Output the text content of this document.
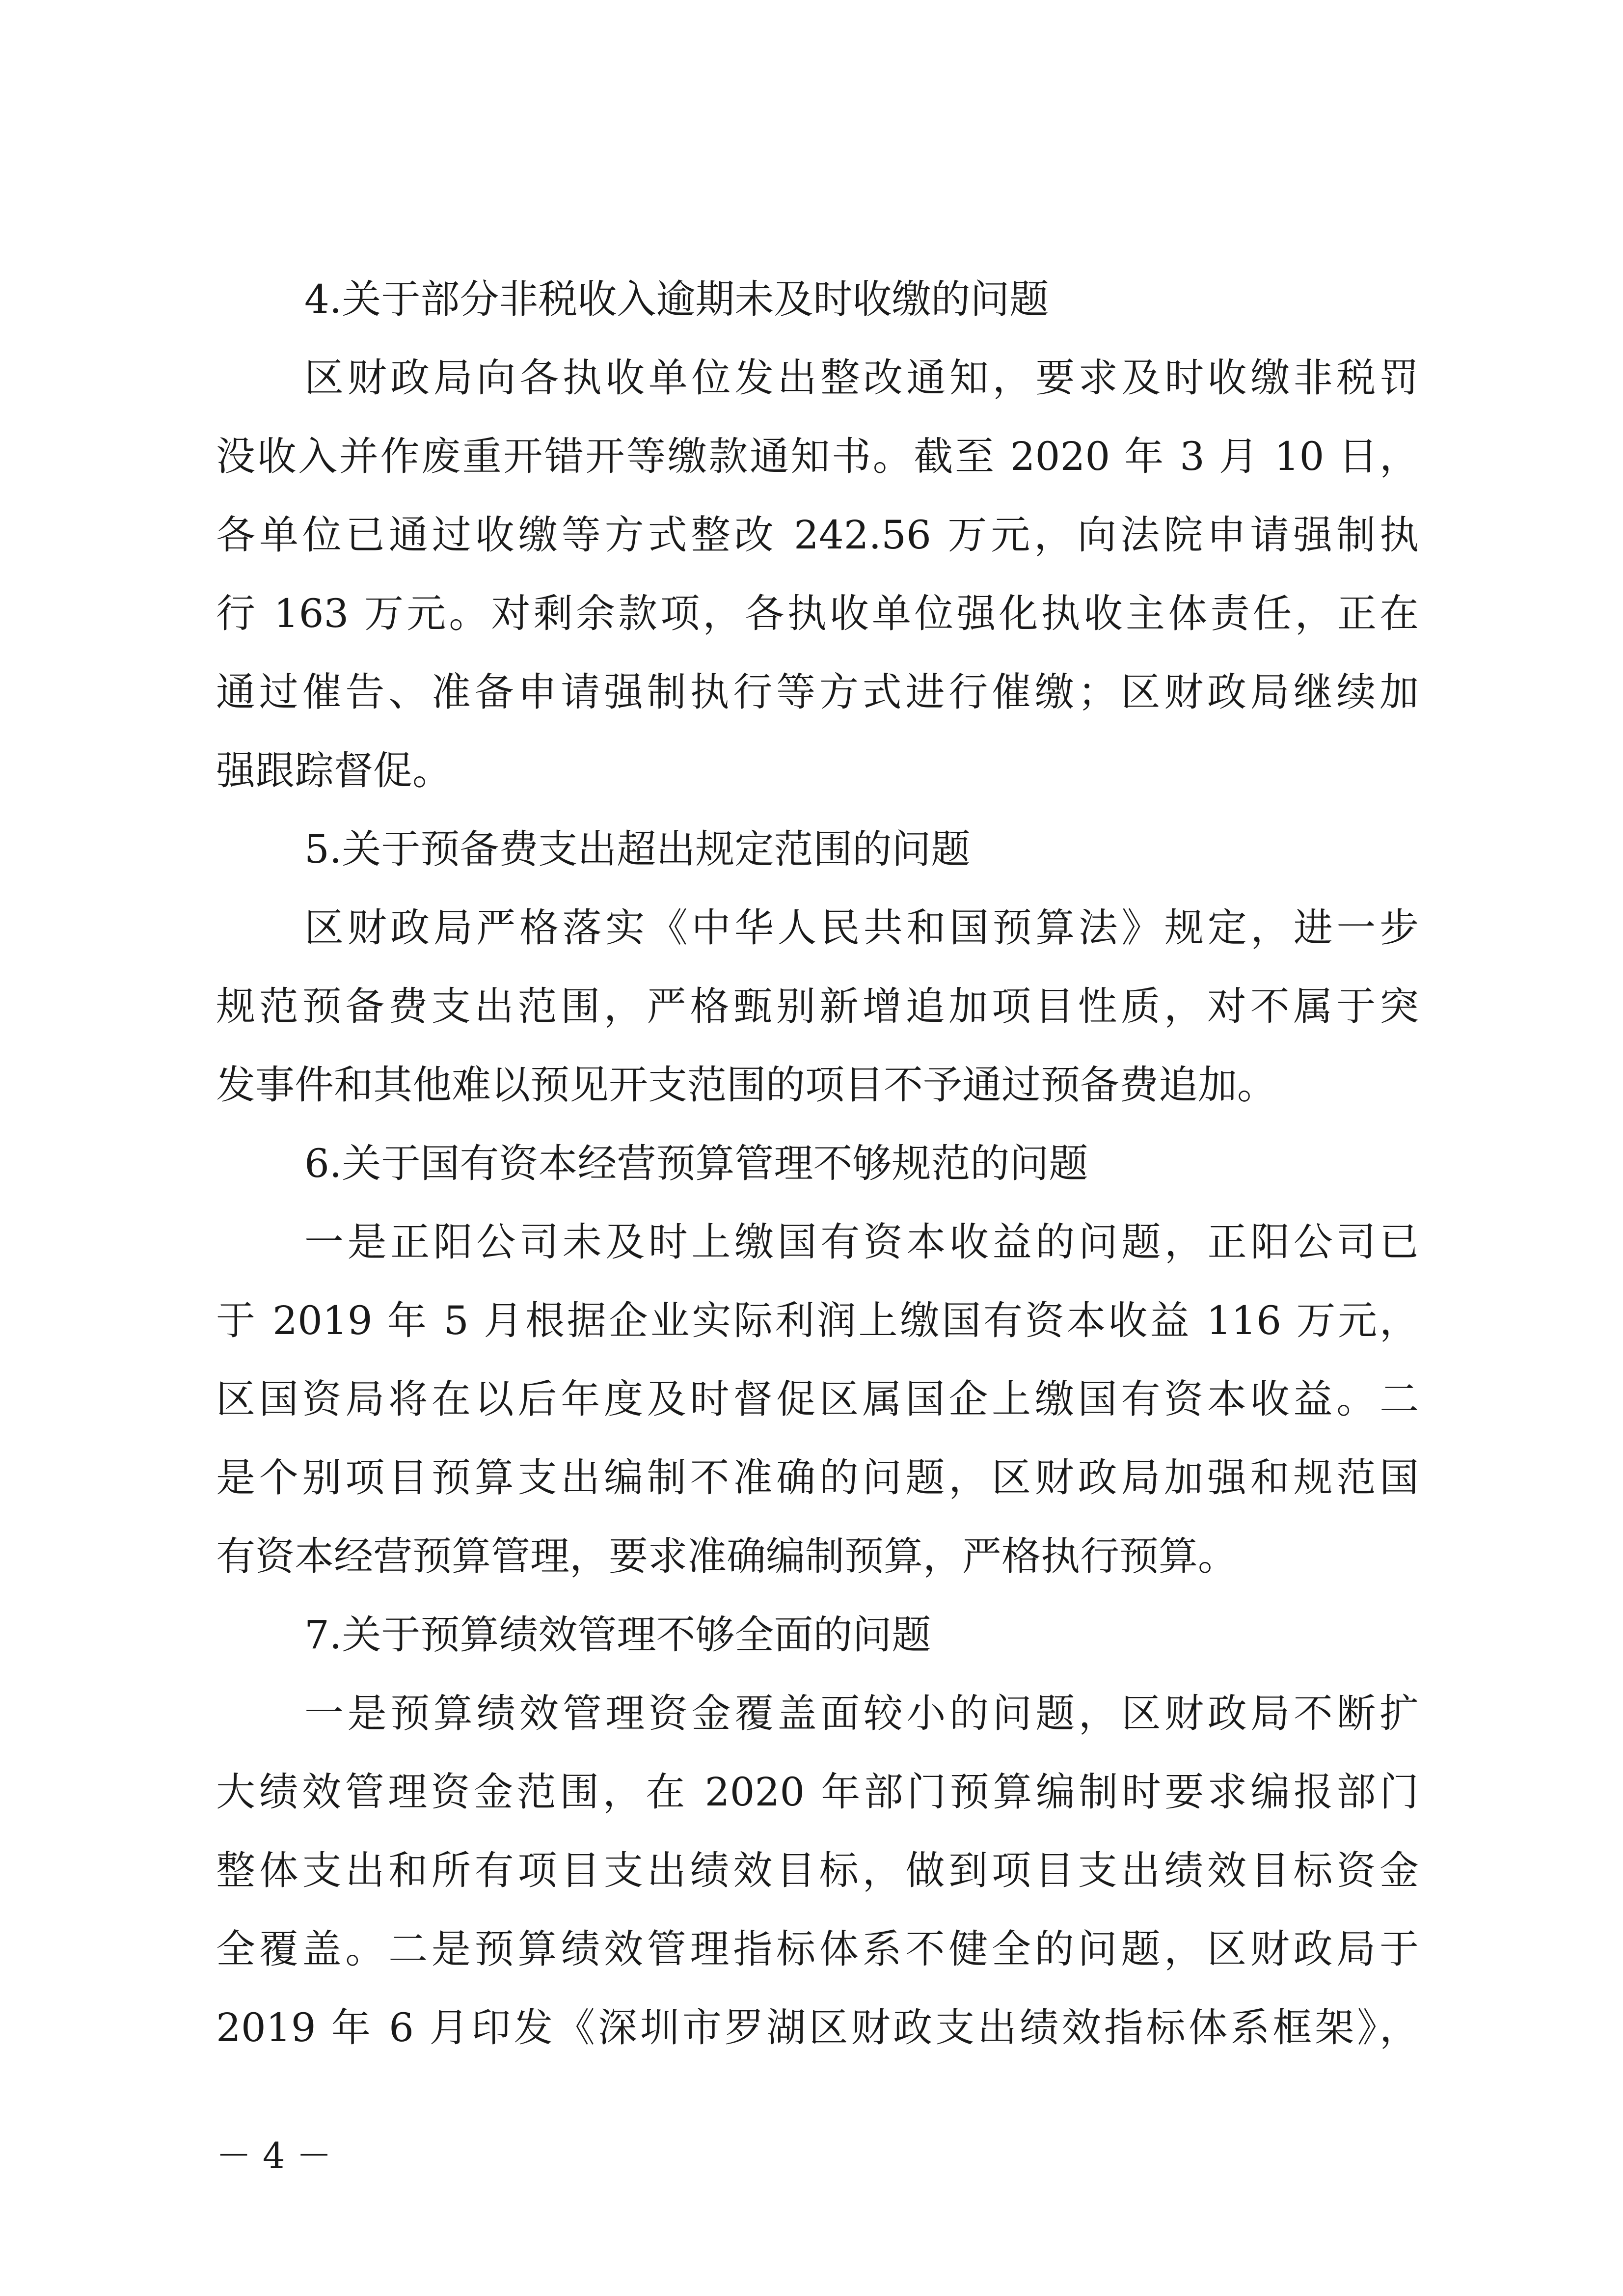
4.关于部分非税收入逾期未及时收缴的问题
区财政局向各执收单位发出整改通知，要求及时收缴非税罚
没收入并作废重开错开等缴款通知书。截至 2020 年 3 月 10 日，
各单位已通过收缴等方式整改 242.56 万元，向法院申请强制执
行 163 万元。对剩余款项，各执收单位强化执收主体责任，正在
通过催告、准备申请强制执行等方式进行催缴；区财政局继续加
强跟踪督促。
5.关于预备费支出超出规定范围的问题
区财政局严格落实《中华人民共和国预算法》规定，进一步
规范预备费支出范围，严格甄别新增追加项目性质，对不属于突
发事件和其他难以预见开支范围的项目不予通过预备费追加。
6.关于国有资本经营预算管理不够规范的问题
一是正阳公司未及时上缴国有资本收益的问题，正阳公司已
于 2019 年 5 月根据企业实际利润上缴国有资本收益 116 万元，
区国资局将在以后年度及时督促区属国企上缴国有资本收益。二
是个别项目预算支出编制不准确的问题，区财政局加强和规范国
有资本经营预算管理，要求准确编制预算，严格执行预算。
7.关于预算绩效管理不够全面的问题
一是预算绩效管理资金覆盖面较小的问题，区财政局不断扩
大绩效管理资金范围，在 2020 年部门预算编制时要求编报部门
整体支出和所有项目支出绩效目标，做到项目支出绩效目标资金
全覆盖。二是预算绩效管理指标体系不健全的问题，区财政局于
2019 年 6 月印发《深圳市罗湖区财政支出绩效指标体系框架》，
－ 4 －
